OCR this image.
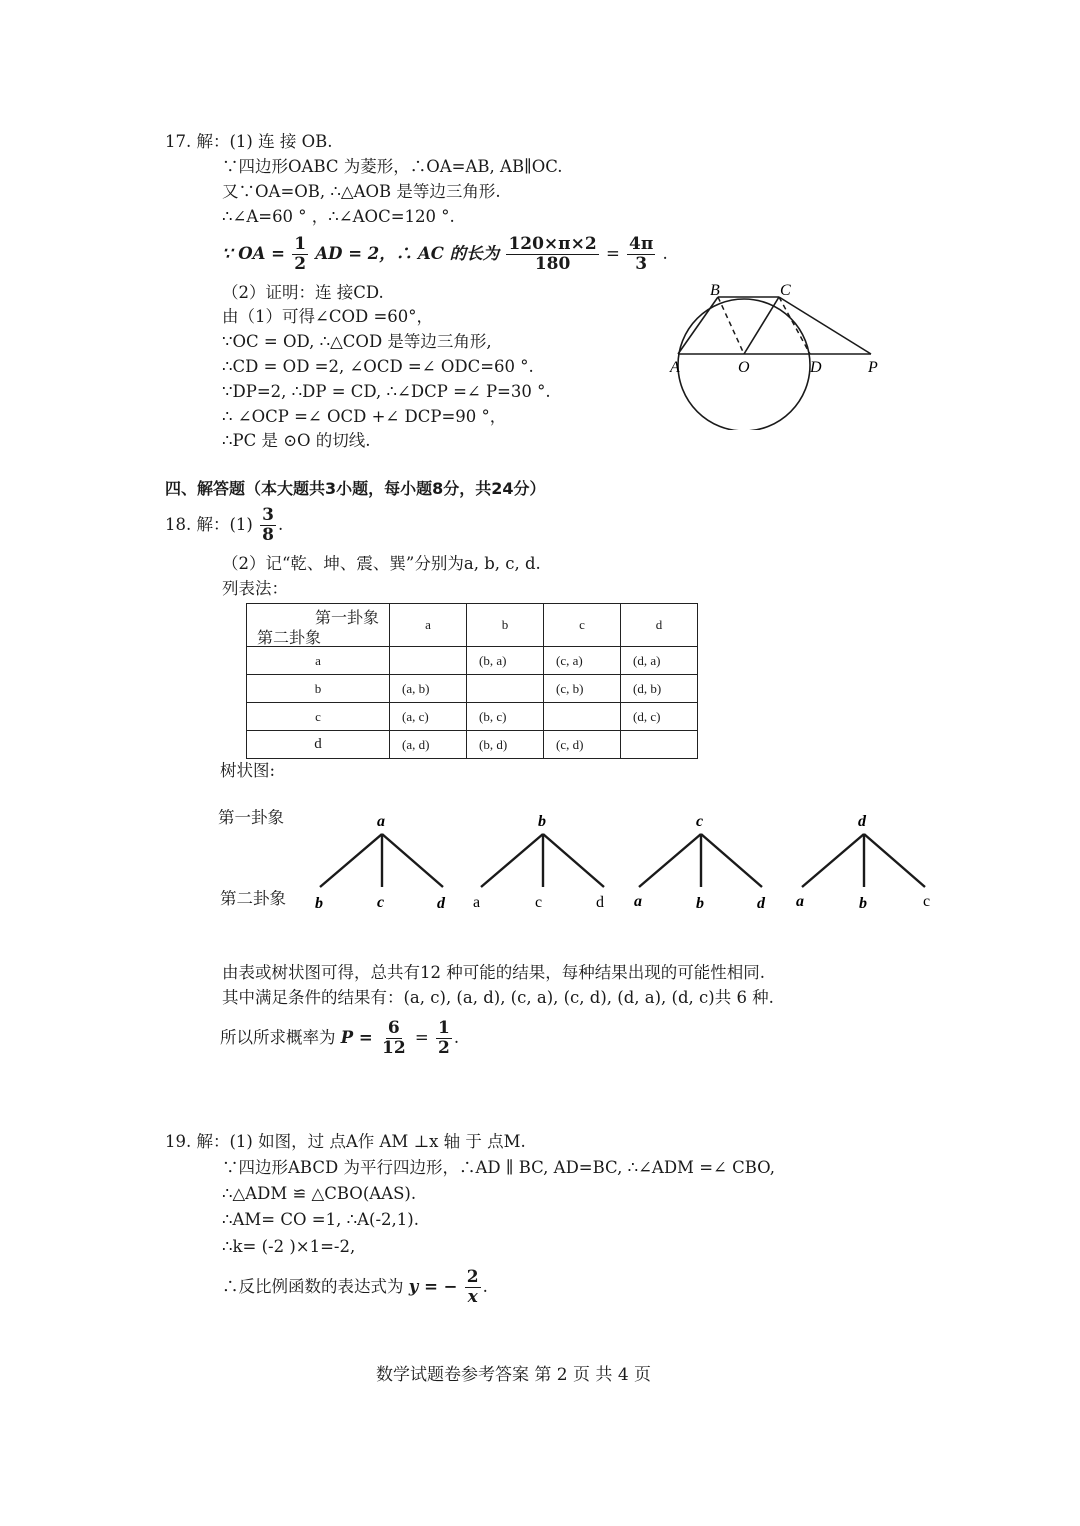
17. 解：(1) 连 接 OB.
∵四边形OABC 为菱形，∴OA=AB, AB∥OC.
又∵OA=OB, ∴△AOB 是等边三角形.
∴∠A=60 ° ，∴∠AOC=120 °.
∵ OA = $\frac{1}{2}$ AD = 2，∴ AC 的长为 $\frac{120\times\pi\times 2}{180} = \frac{4\pi}{3}$ .
（2）证明：连 接CD.
由（1）可得∠COD =60°，
∵OC = OD, ∴△COD 是等边三角形,
∴CD = OD =2, ∠OCD =∠ ODC=60 °.
∵DP=2, ∴DP = CD, ∴∠DCP =∠ P=30 °.
∴ ∠OCP =∠ OCD +∠ DCP=90 °，
∴PC 是 ⊙O 的切线.
B	C
A	O	D	P
四、解答题（本大题共3小题，每小题8分，共24分）
18. 解：$(1) \frac{3}{8}$ .
（2）记“乾、坤、震、巽”分别为a, b, c, d.
列表法：
第一卦象
第二卦象	a	b	c	d
a		(b, a)	(c, a)	(d, a)
b	(a, b)		(c, b)	(d, b)
c	(a, c)	(b, c)		(d, c)
d	(a, d)	(b, d)	(c, d)	
树状图:
第一卦象
第二卦象
a
b	c	d
b
a	c	d
c
a	b	d
d
a	b	c
由表或树状图可得，总共有12 种可能的结果，每种结果出现的可能性相同.
其中满足条件的结果有：(a, c), (a, d), (c, a), (c, d), (d, a), (d, c)共 6 种.
所以所求概率为 $P = \frac{6}{12} = \frac{1}{2}$ .
19. 解：(1) 如图，过 点A作 AM ⊥x 轴 于 点M.
∵四边形ABCD 为平行四边形，∴AD ∥ BC, AD=BC, ∴∠ADM =∠ CBO,
∴△ADM ≌ △CBO(AAS).
∴AM= CO =1, ∴A(-2,1).
∴k= (-2 )×1=-2,
∴反比例函数的表达式为 y = − $\frac{2}{x}$ .
数学试题卷参考答案 第 2 页 共 4 页
